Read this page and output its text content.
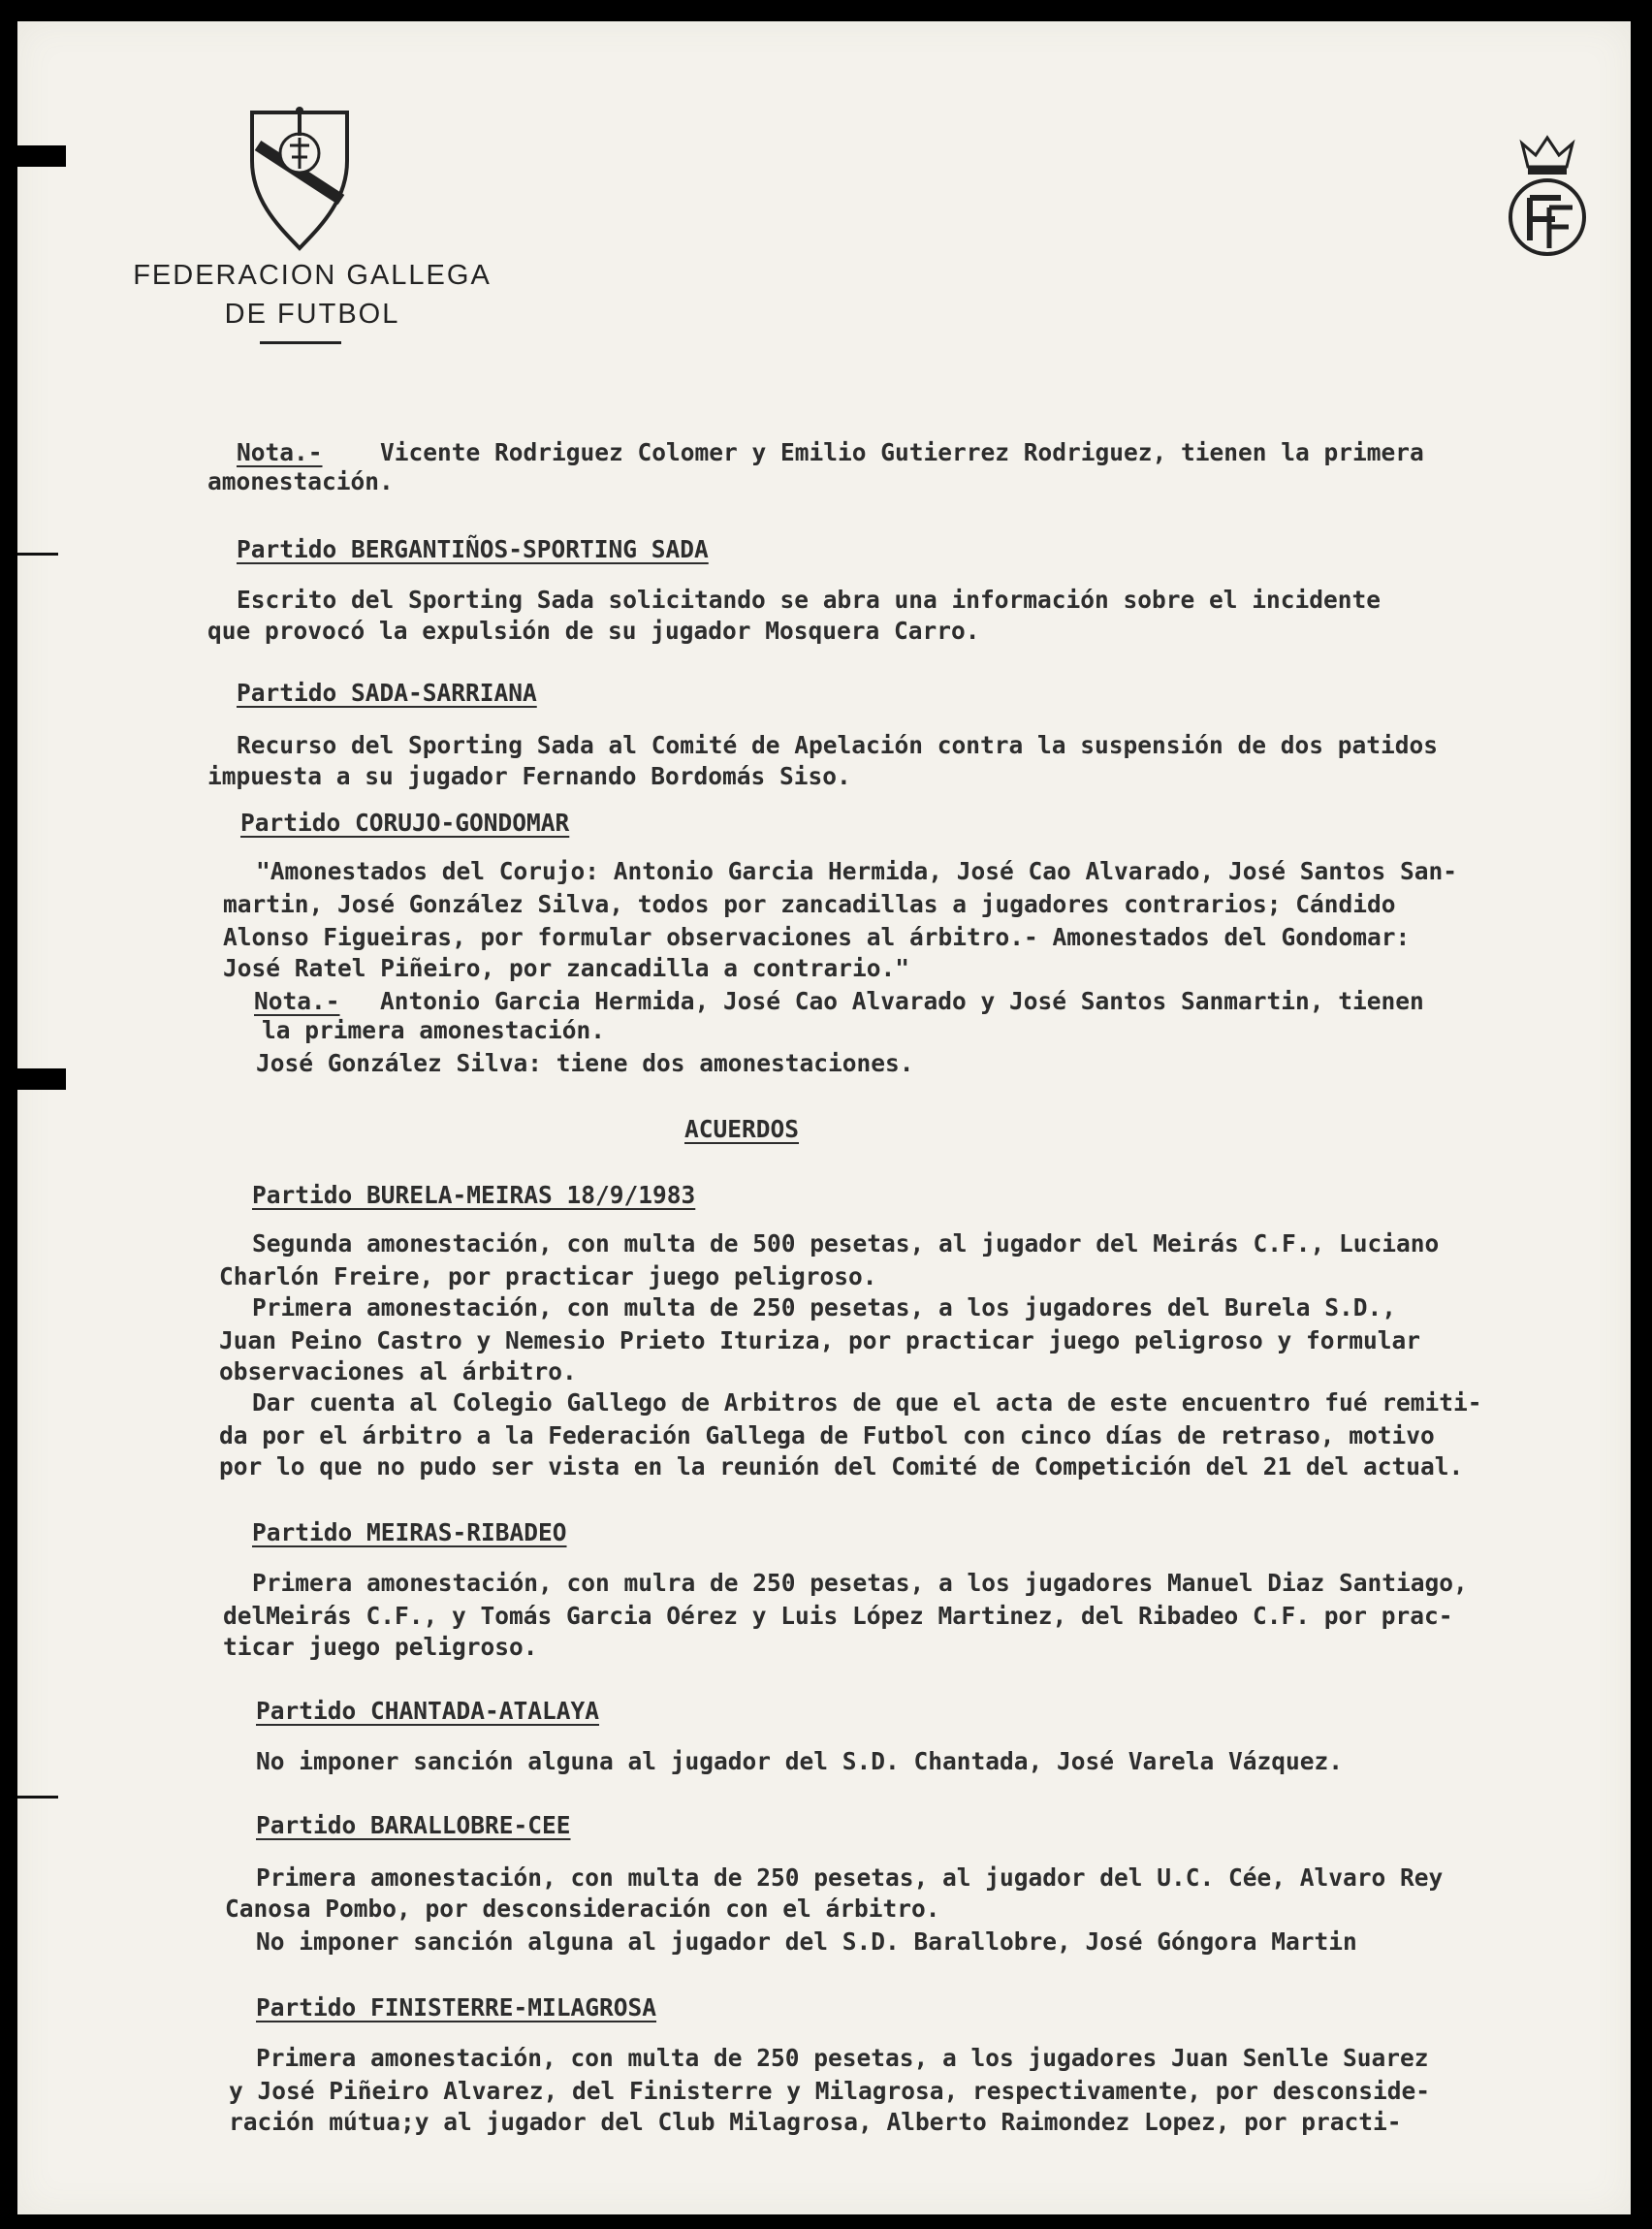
FEDERACION GALLEGA
DE FUTBOL
Nota.- Vicente Rodriguez Colomer y Emilio Gutierrez Rodriguez, tienen la primera
amonestación.
Partido BERGANTIÑOS-SPORTING SADA
Escrito del Sporting Sada solicitando se abra una información sobre el incidente
que provocó la expulsión de su jugador Mosquera Carro.
Partido SADA-SARRIANA
Recurso del Sporting Sada al Comité de Apelación contra la suspensión de dos patidos
impuesta a su jugador Fernando Bordomás Siso.
Partido CORUJO-GONDOMAR
"Amonestados del Corujo: Antonio Garcia Hermida, José Cao Alvarado, José Santos San-
martin, José González Silva, todos por zancadillas a jugadores contrarios; Cándido
Alonso Figueiras, por formular observaciones al árbitro.- Amonestados del Gondomar:
José Ratel Piñeiro, por zancadilla a contrario."
Nota.- Antonio Garcia Hermida, José Cao Alvarado y José Santos Sanmartin, tienen
la primera amonestación.
José González Silva: tiene dos amonestaciones.
ACUERDOS
Partido BURELA-MEIRAS 18/9/1983
Segunda amonestación, con multa de 500 pesetas, al jugador del Meirás C.F., Luciano
Charlón Freire, por practicar juego peligroso.
Primera amonestación, con multa de 250 pesetas, a los jugadores del Burela S.D.,
Juan Peino Castro y Nemesio Prieto Ituriza, por practicar juego peligroso y formular
observaciones al árbitro.
Dar cuenta al Colegio Gallego de Arbitros de que el acta de este encuentro fué remiti-
da por el árbitro a la Federación Gallega de Futbol con cinco días de retraso, motivo
por lo que no pudo ser vista en la reunión del Comité de Competición del 21 del actual.
Partido MEIRAS-RIBADEO
Primera amonestación, con mulra de 250 pesetas, a los jugadores Manuel Diaz Santiago,
delMeirás C.F., y Tomás Garcia Oérez y Luis López Martinez, del Ribadeo C.F. por prac-
ticar juego peligroso.
Partido CHANTADA-ATALAYA
No imponer sanción alguna al jugador del S.D. Chantada, José Varela Vázquez.
Partido BARALLOBRE-CEE
Primera amonestación, con multa de 250 pesetas, al jugador del U.C. Cée, Alvaro Rey
Canosa Pombo, por desconsideración con el árbitro.
No imponer sanción alguna al jugador del S.D. Barallobre, José Góngora Martin
Partido FINISTERRE-MILAGROSA
Primera amonestación, con multa de 250 pesetas, a los jugadores Juan Senlle Suarez
y José Piñeiro Alvarez, del Finisterre y Milagrosa, respectivamente, por desconside-
ración mútua;y al jugador del Club Milagrosa, Alberto Raimondez Lopez, por practi-
